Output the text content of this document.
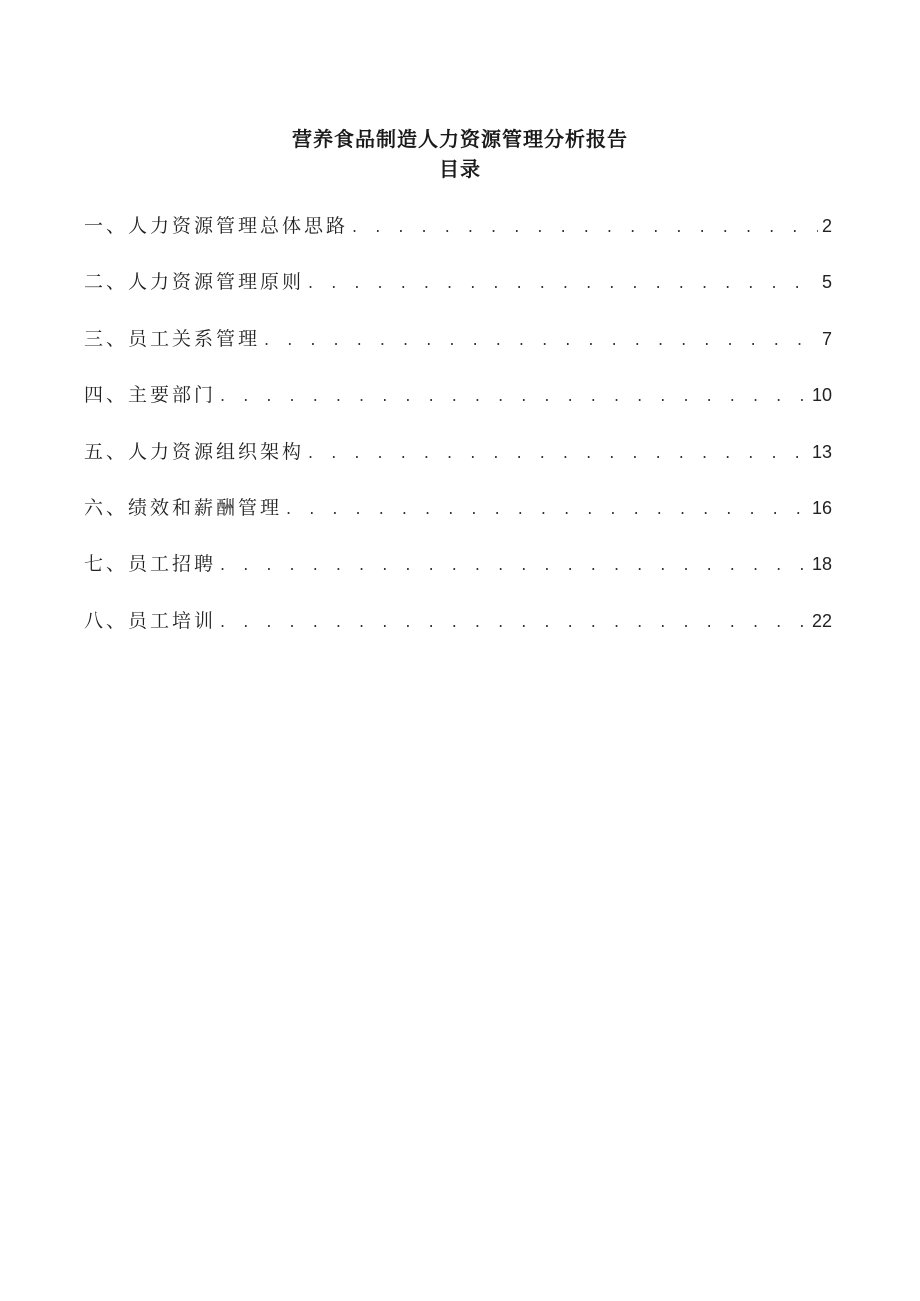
营养食品制造人力资源管理分析报告
目录
一、人力资源管理总体思路 . . .	2
二、人力资源管理原则 . . .	5
三、员工关系管理 . . .	7
四、主要部门 . . .	10
五、人力资源组织架构 . . .	13
六、绩效和薪酬管理 . . .	16
七、员工招聘 . . .	18
八、员工培训 . . .	22
